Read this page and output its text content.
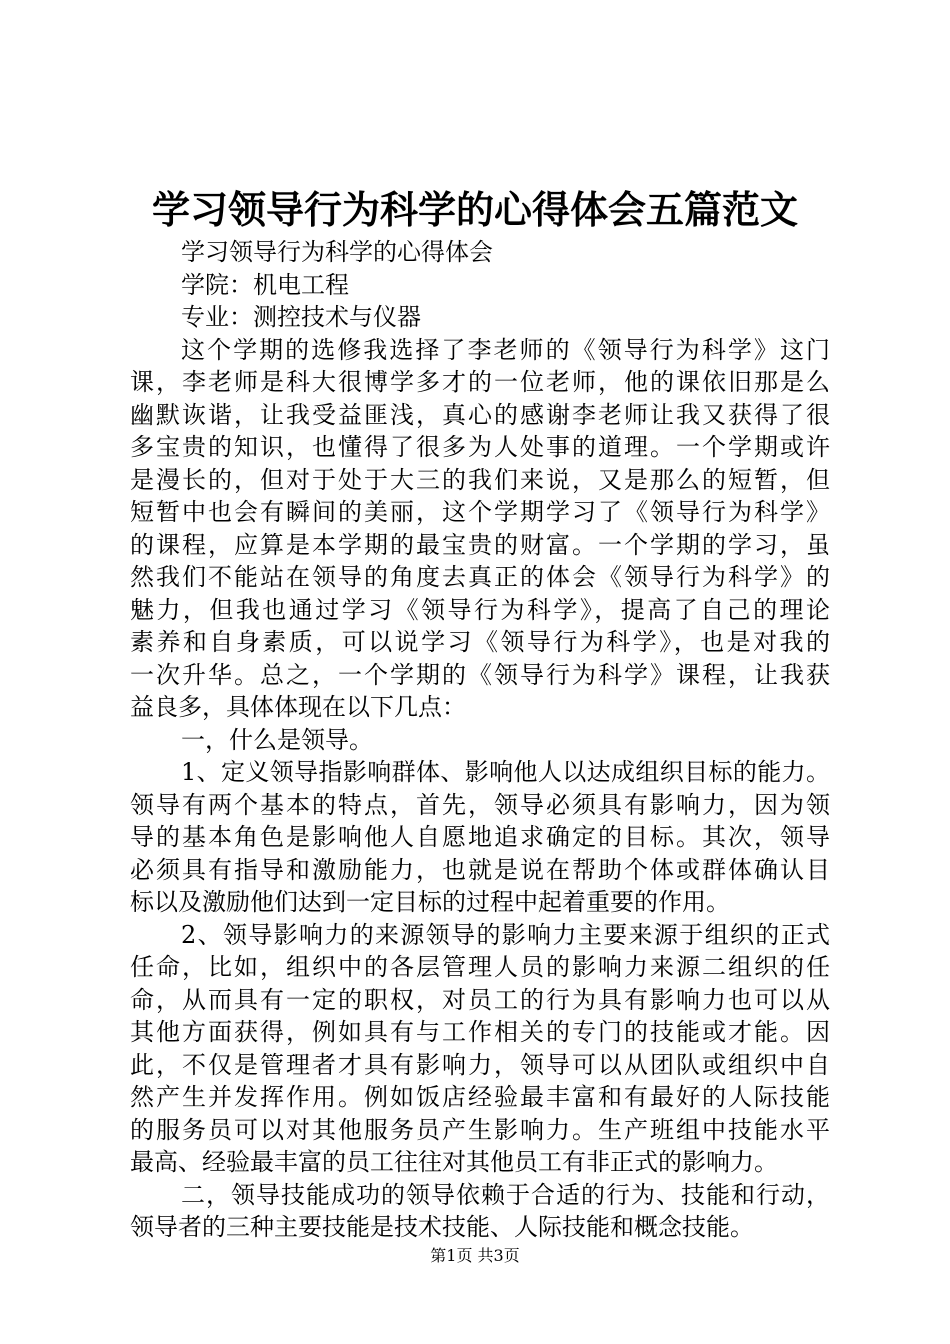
学习领导行为科学的心得体会五篇范文
学习领导行为科学的心得体会
学院：机电工程
专业：测控技术与仪器
这个学期的选修我选择了李老师的《领导行为科学》这门
课，李老师是科大很博学多才的一位老师，他的课依旧那是么
幽默诙谐，让我受益匪浅，真心的感谢李老师让我又获得了很
多宝贵的知识，也懂得了很多为人处事的道理。一个学期或许
是漫长的，但对于处于大三的我们来说，又是那么的短暂，但
短暂中也会有瞬间的美丽，这个学期学习了《领导行为科学》
的课程，应算是本学期的最宝贵的财富。一个学期的学习，虽
然我们不能站在领导的角度去真正的体会《领导行为科学》的
魅力，但我也通过学习《领导行为科学》，提高了自己的理论
素养和自身素质，可以说学习《领导行为科学》，也是对我的
一次升华。总之，一个学期的《领导行为科学》课程，让我获
益良多，具体体现在以下几点：
一，什么是领导。
1、定义领导指影响群体、影响他人以达成组织目标的能力。
领导有两个基本的特点，首先，领导必须具有影响力，因为领
导的基本角色是影响他人自愿地追求确定的目标。其次，领导
必须具有指导和激励能力，也就是说在帮助个体或群体确认目
标以及激励他们达到一定目标的过程中起着重要的作用。
2、领导影响力的来源领导的影响力主要来源于组织的正式
任命，比如，组织中的各层管理人员的影响力来源二组织的任
命，从而具有一定的职权，对员工的行为具有影响力也可以从
其他方面获得，例如具有与工作相关的专门的技能或才能。因
此，不仅是管理者才具有影响力，领导可以从团队或组织中自
然产生并发挥作用。例如饭店经验最丰富和有最好的人际技能
的服务员可以对其他服务员产生影响力。生产班组中技能水平
最高、经验最丰富的员工往往对其他员工有非正式的影响力。
二，领导技能成功的领导依赖于合适的行为、技能和行动，
领导者的三种主要技能是技术技能、人际技能和概念技能。
第1页 共3页
